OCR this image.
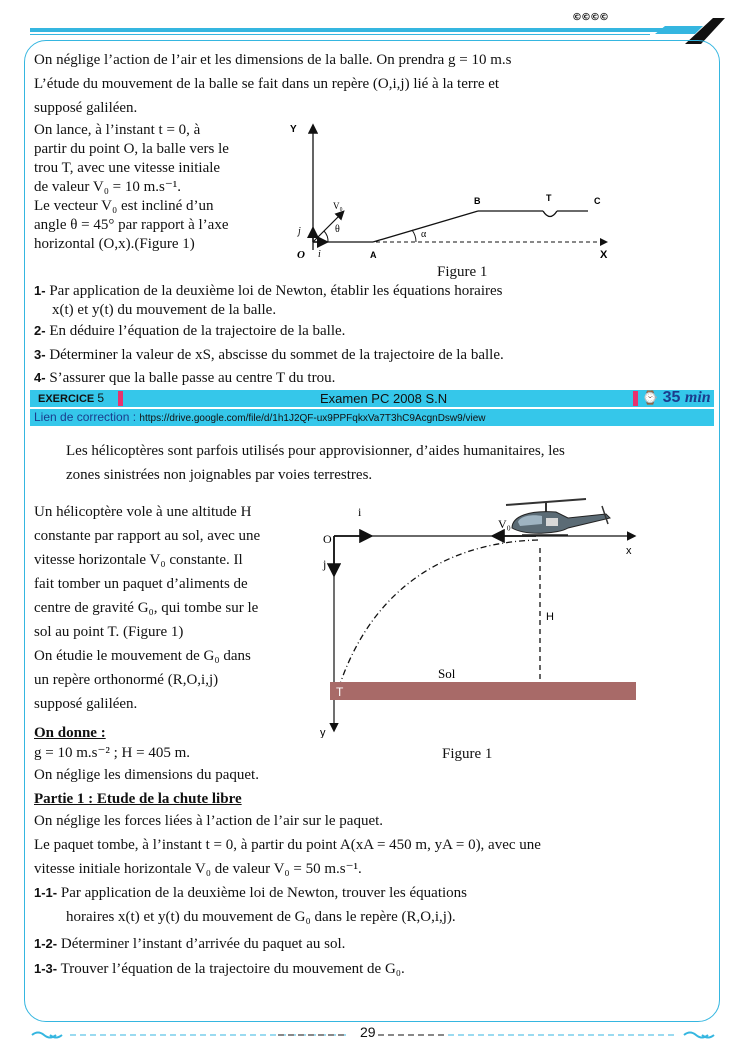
©©©©
On néglige l’action de l’air et les dimensions de la balle. On prendra g = 10 m.s
L’étude du mouvement de la balle se fait dans un repère (O,i,j) lié à la terre et
supposé galiléen.
On lance, à l’instant t = 0, à
partir du point O, la balle vers le
trou T, avec une vitesse initiale
de valeur V₀ = 10 m.s⁻¹.
Le vecteur V₀ est incliné d’un
angle θ = 45° par rapport à l’axe
horizontal (O,x).(Figure 1)
Y
X
O i
j
A
B	T	C
V₀
θ	α
Figure 1
1- Par application de la deuxième loi de Newton, établir les équations horaires
x(t) et y(t) du mouvement de la balle.
2- En déduire l’équation de la trajectoire de la balle.
3- Déterminer la valeur de xS, abscisse du sommet de la trajectoire de la balle.
4- S’assurer que la balle passe au centre T du trou.
EXERCICE 5	Examen PC 2008 S.N	⌚ 35 min
Lien de correction : https://drive.google.com/file/d/1h1J2QF-ux9PPFqkxVa7T3hC9AcgnDsw9/view
Les hélicoptères sont parfois utilisés pour approvisionner, d’aides humanitaires, les
zones sinistrées non joignables par voies terrestres.
Un hélicoptère vole à une altitude H
constante par rapport au sol, avec une
vitesse horizontale V₀ constante. Il
fait tomber un paquet d’aliments de
centre de gravité G₀, qui tombe sur le
sol au point T. (Figure 1)
On étudie le mouvement de G₀ dans
un repère orthonormé (R,O,i,j)
supposé galiléen.
On donne :
g = 10 m.s⁻² ; H = 405 m.
On néglige les dimensions du paquet.
i
O
j
V₀
x
H
Sol
T
y
Figure 1
Partie 1 : Etude de la chute libre
On néglige les forces liées à l’action de l’air sur le paquet.
Le paquet tombe, à l’instant t = 0, à partir du point A(xA = 450 m, yA = 0), avec une
vitesse initiale horizontale V₀ de valeur V₀ = 50 m.s⁻¹.
1-1- Par application de la deuxième loi de Newton, trouver les équations
horaires x(t) et y(t) du mouvement de G₀ dans le repère (R,O,i,j).
1-2- Déterminer l’instant d’arrivée du paquet au sol.
1-3- Trouver l’équation de la trajectoire du mouvement de G₀.
29
